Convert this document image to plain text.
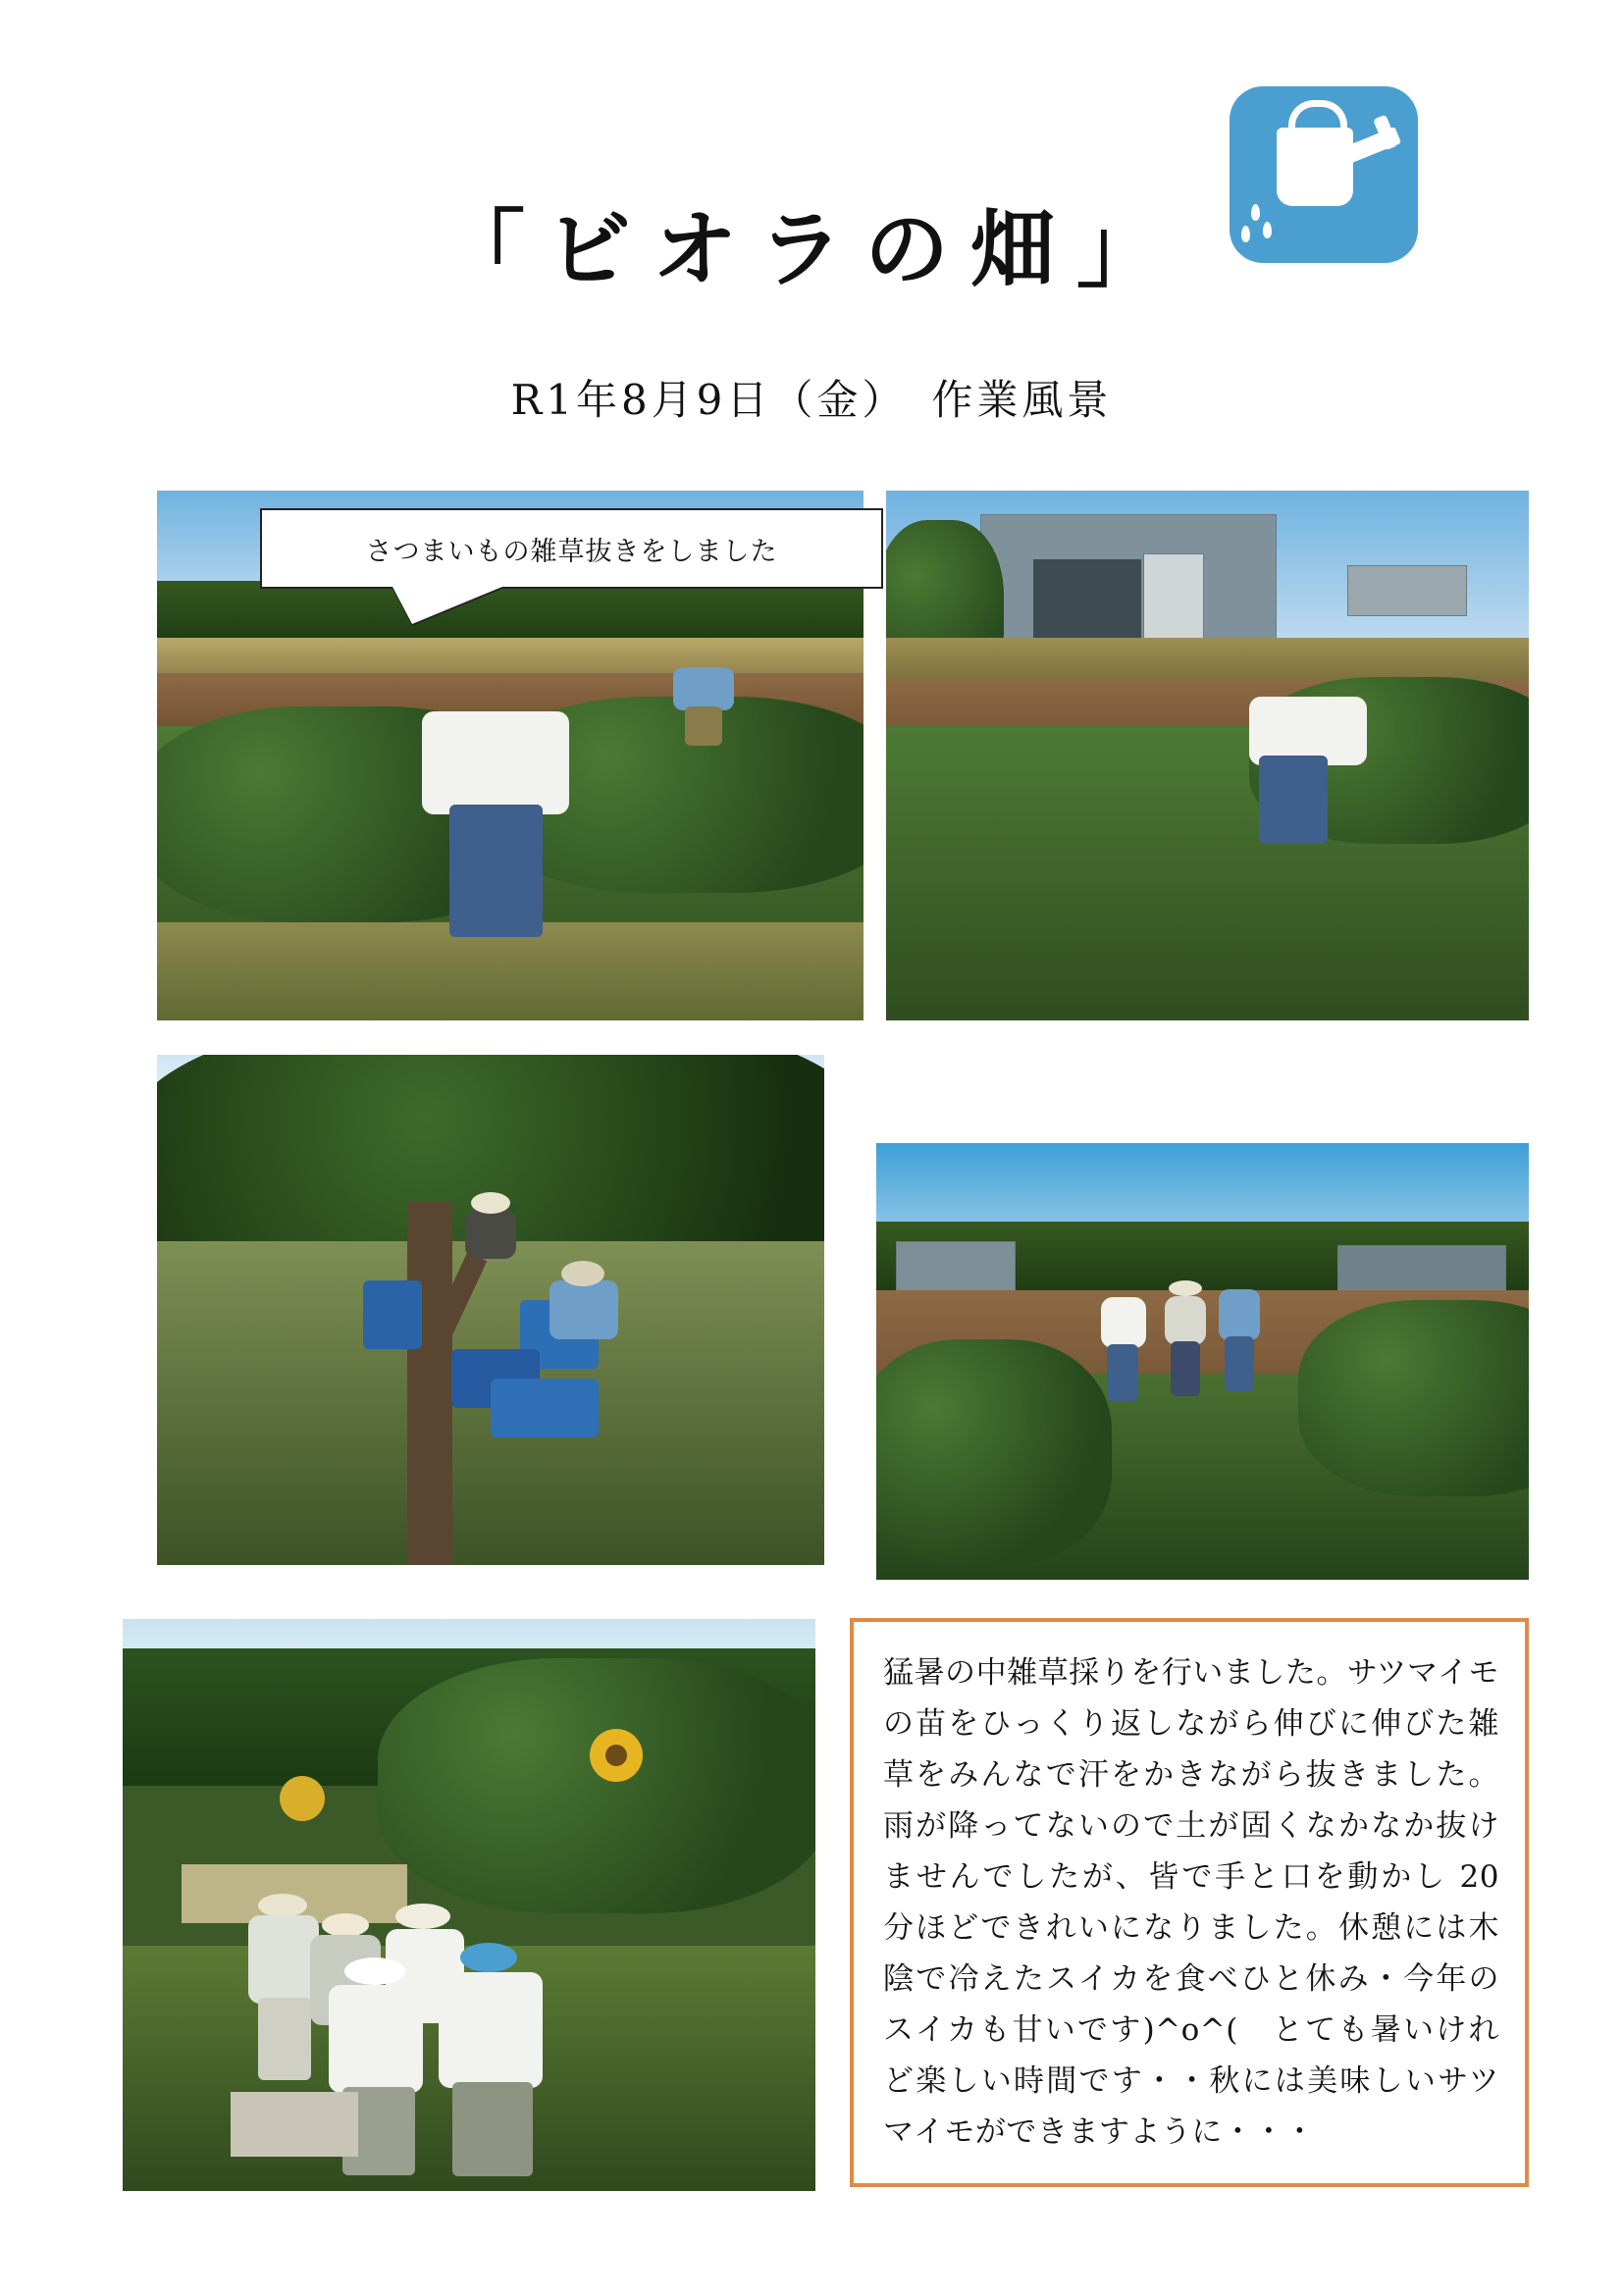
「ビオラの畑」
R1年8月9日（金）　作業風景
さつまいもの雑草抜きをしました

猛暑の中雑草採りを行いました。サツマイモの苗をひっくり返しながら伸びに伸びた雑草をみんなで汗をかきながら抜きました。雨が降ってないので土が固くなかなか抜けませんでしたが、皆で手と口を動かし 20 分ほどできれいになりました。休憩には木陰で冷えたスイカを食べひと休み・今年のスイカも甘いです)^o^(　とても暑いけれど楽しい時間です・・秋には美味しいサツマイモができますように・・・
